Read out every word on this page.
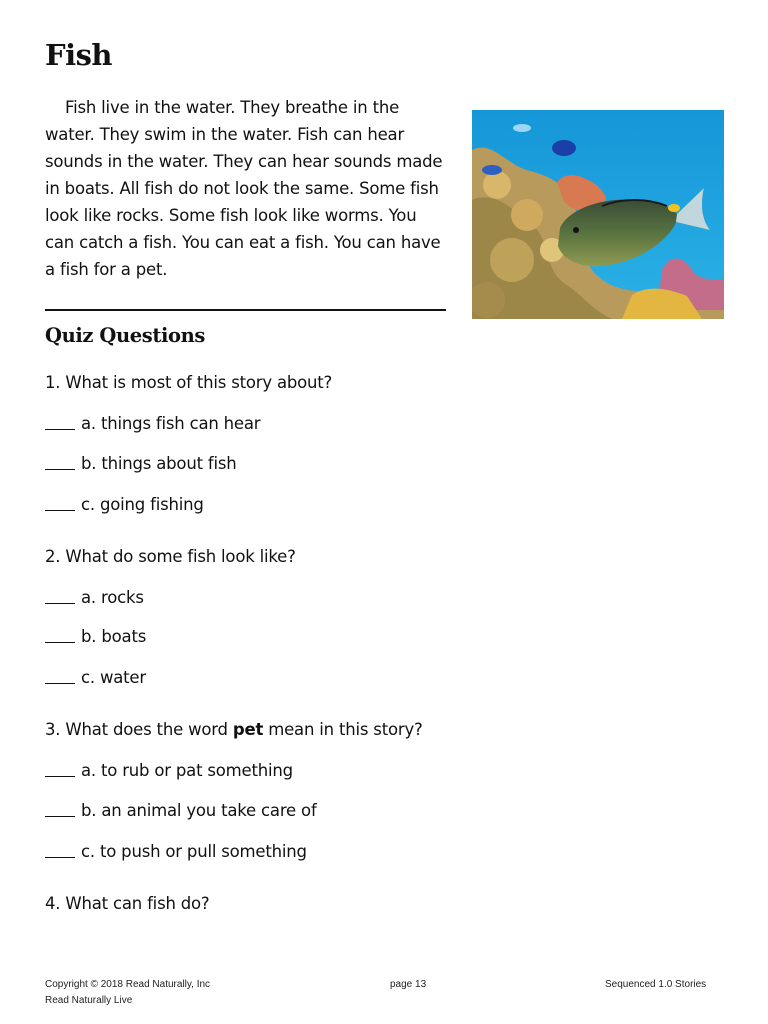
Fish

Fish live in the water. They breathe in the water. They swim in the water. Fish can hear sounds in the water. They can hear sounds made in boats. All fish do not look the same. Some fish look like rocks. Some fish look like worms. You can catch a fish. You can eat a fish. You can have a fish for a pet.

Quiz Questions
1. What is most of this story about?
a. things fish can hear
b. things about fish
c. going fishing
2. What do some fish look like?
a. rocks
b. boats
c. water
3. What does the word pet mean in this story?
a. to rub or pat something
b. an animal you take care of
c. to push or pull something
4. What can fish do?
Copyright © 2018 Read Naturally, Inc
Read Naturally Live
page 13	Sequenced 1.0 Stories
